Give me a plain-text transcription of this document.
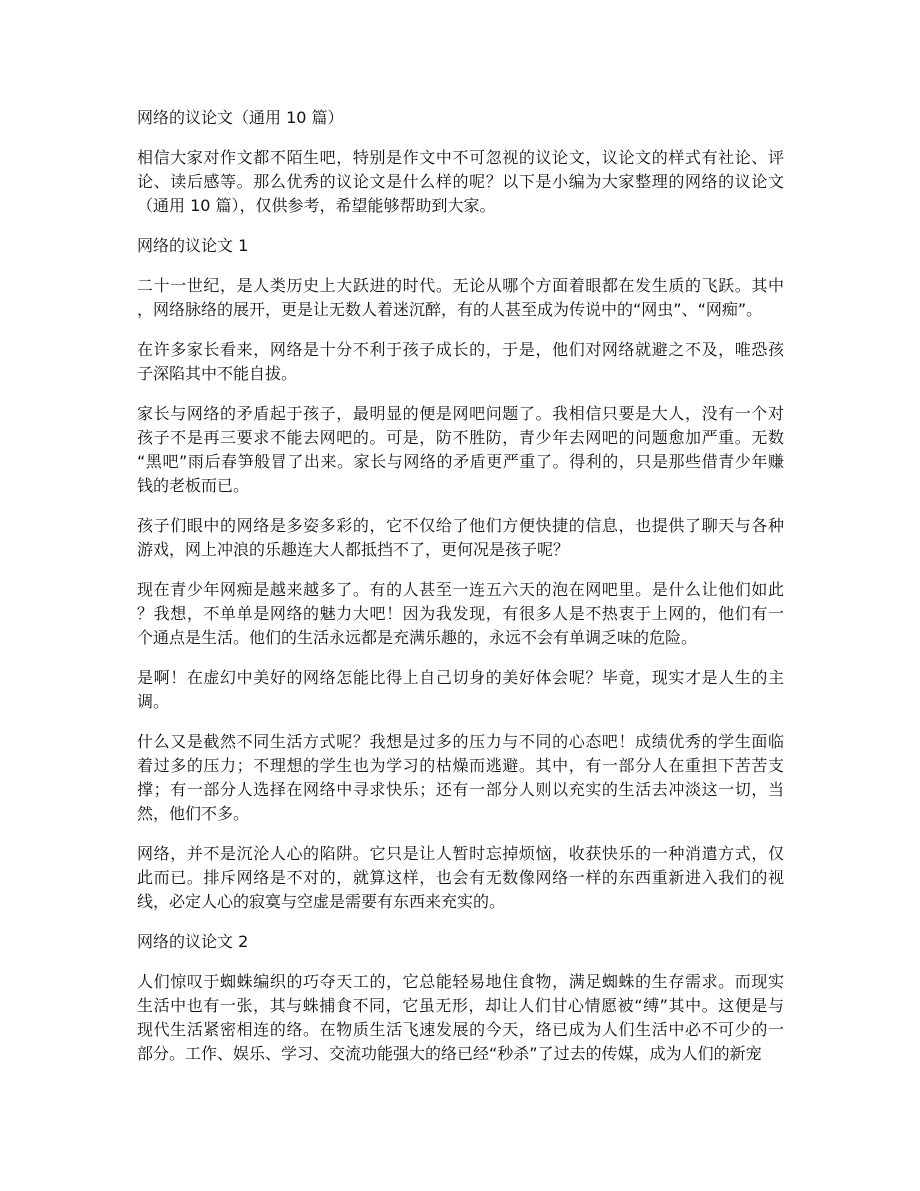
网络的议论文（通用 10 篇）
相信大家对作文都不陌生吧，特别是作文中不可忽视的议论文，议论文的样式有社论、评
论、读后感等。那么优秀的议论文是什么样的呢？以下是小编为大家整理的网络的议论文
（通用 10 篇），仅供参考，希望能够帮助到大家。
网络的议论文 1
二十一世纪，是人类历史上大跃进的时代。无论从哪个方面着眼都在发生质的飞跃。其中
，网络脉络的展开，更是让无数人着迷沉醉，有的人甚至成为传说中的“网虫”、“网痴”。
在许多家长看来，网络是十分不利于孩子成长的，于是，他们对网络就避之不及，唯恐孩
子深陷其中不能自拔。
家长与网络的矛盾起于孩子，最明显的便是网吧问题了。我相信只要是大人，没有一个对
孩子不是再三要求不能去网吧的。可是，防不胜防，青少年去网吧的问题愈加严重。无数
“黑吧”雨后春笋般冒了出来。家长与网络的矛盾更严重了。得利的，只是那些借青少年赚
钱的老板而已。
孩子们眼中的网络是多姿多彩的，它不仅给了他们方便快捷的信息，也提供了聊天与各种
游戏，网上冲浪的乐趣连大人都抵挡不了，更何况是孩子呢？
现在青少年网痴是越来越多了。有的人甚至一连五六天的泡在网吧里。是什么让他们如此
？我想，不单单是网络的魅力大吧！因为我发现，有很多人是不热衷于上网的，他们有一
个通点是生活。他们的生活永远都是充满乐趣的，永远不会有单调乏味的危险。
是啊！在虚幻中美好的网络怎能比得上自己切身的美好体会呢？毕竟，现实才是人生的主
调。
什么又是截然不同生活方式呢？我想是过多的压力与不同的心态吧！成绩优秀的学生面临
着过多的压力；不理想的学生也为学习的枯燥而逃避。其中，有一部分人在重担下苦苦支
撑；有一部分人选择在网络中寻求快乐；还有一部分人则以充实的生活去冲淡这一切，当
然，他们不多。
网络，并不是沉沦人心的陷阱。它只是让人暂时忘掉烦恼，收获快乐的一种消遣方式，仅
此而已。排斥网络是不对的，就算这样，也会有无数像网络一样的东西重新进入我们的视
线，必定人心的寂寞与空虚是需要有东西来充实的。
网络的议论文 2
人们惊叹于蜘蛛编织的巧夺天工的，它总能轻易地住食物，满足蜘蛛的生存需求。而现实
生活中也有一张，其与蛛捕食不同，它虽无形，却让人们甘心情愿被“缚”其中。这便是与
现代生活紧密相连的络。在物质生活飞速发展的今天，络已成为人们生活中必不可少的一
部分。工作、娱乐、学习、交流功能强大的络已经“秒杀”了过去的传媒，成为人们的新宠
